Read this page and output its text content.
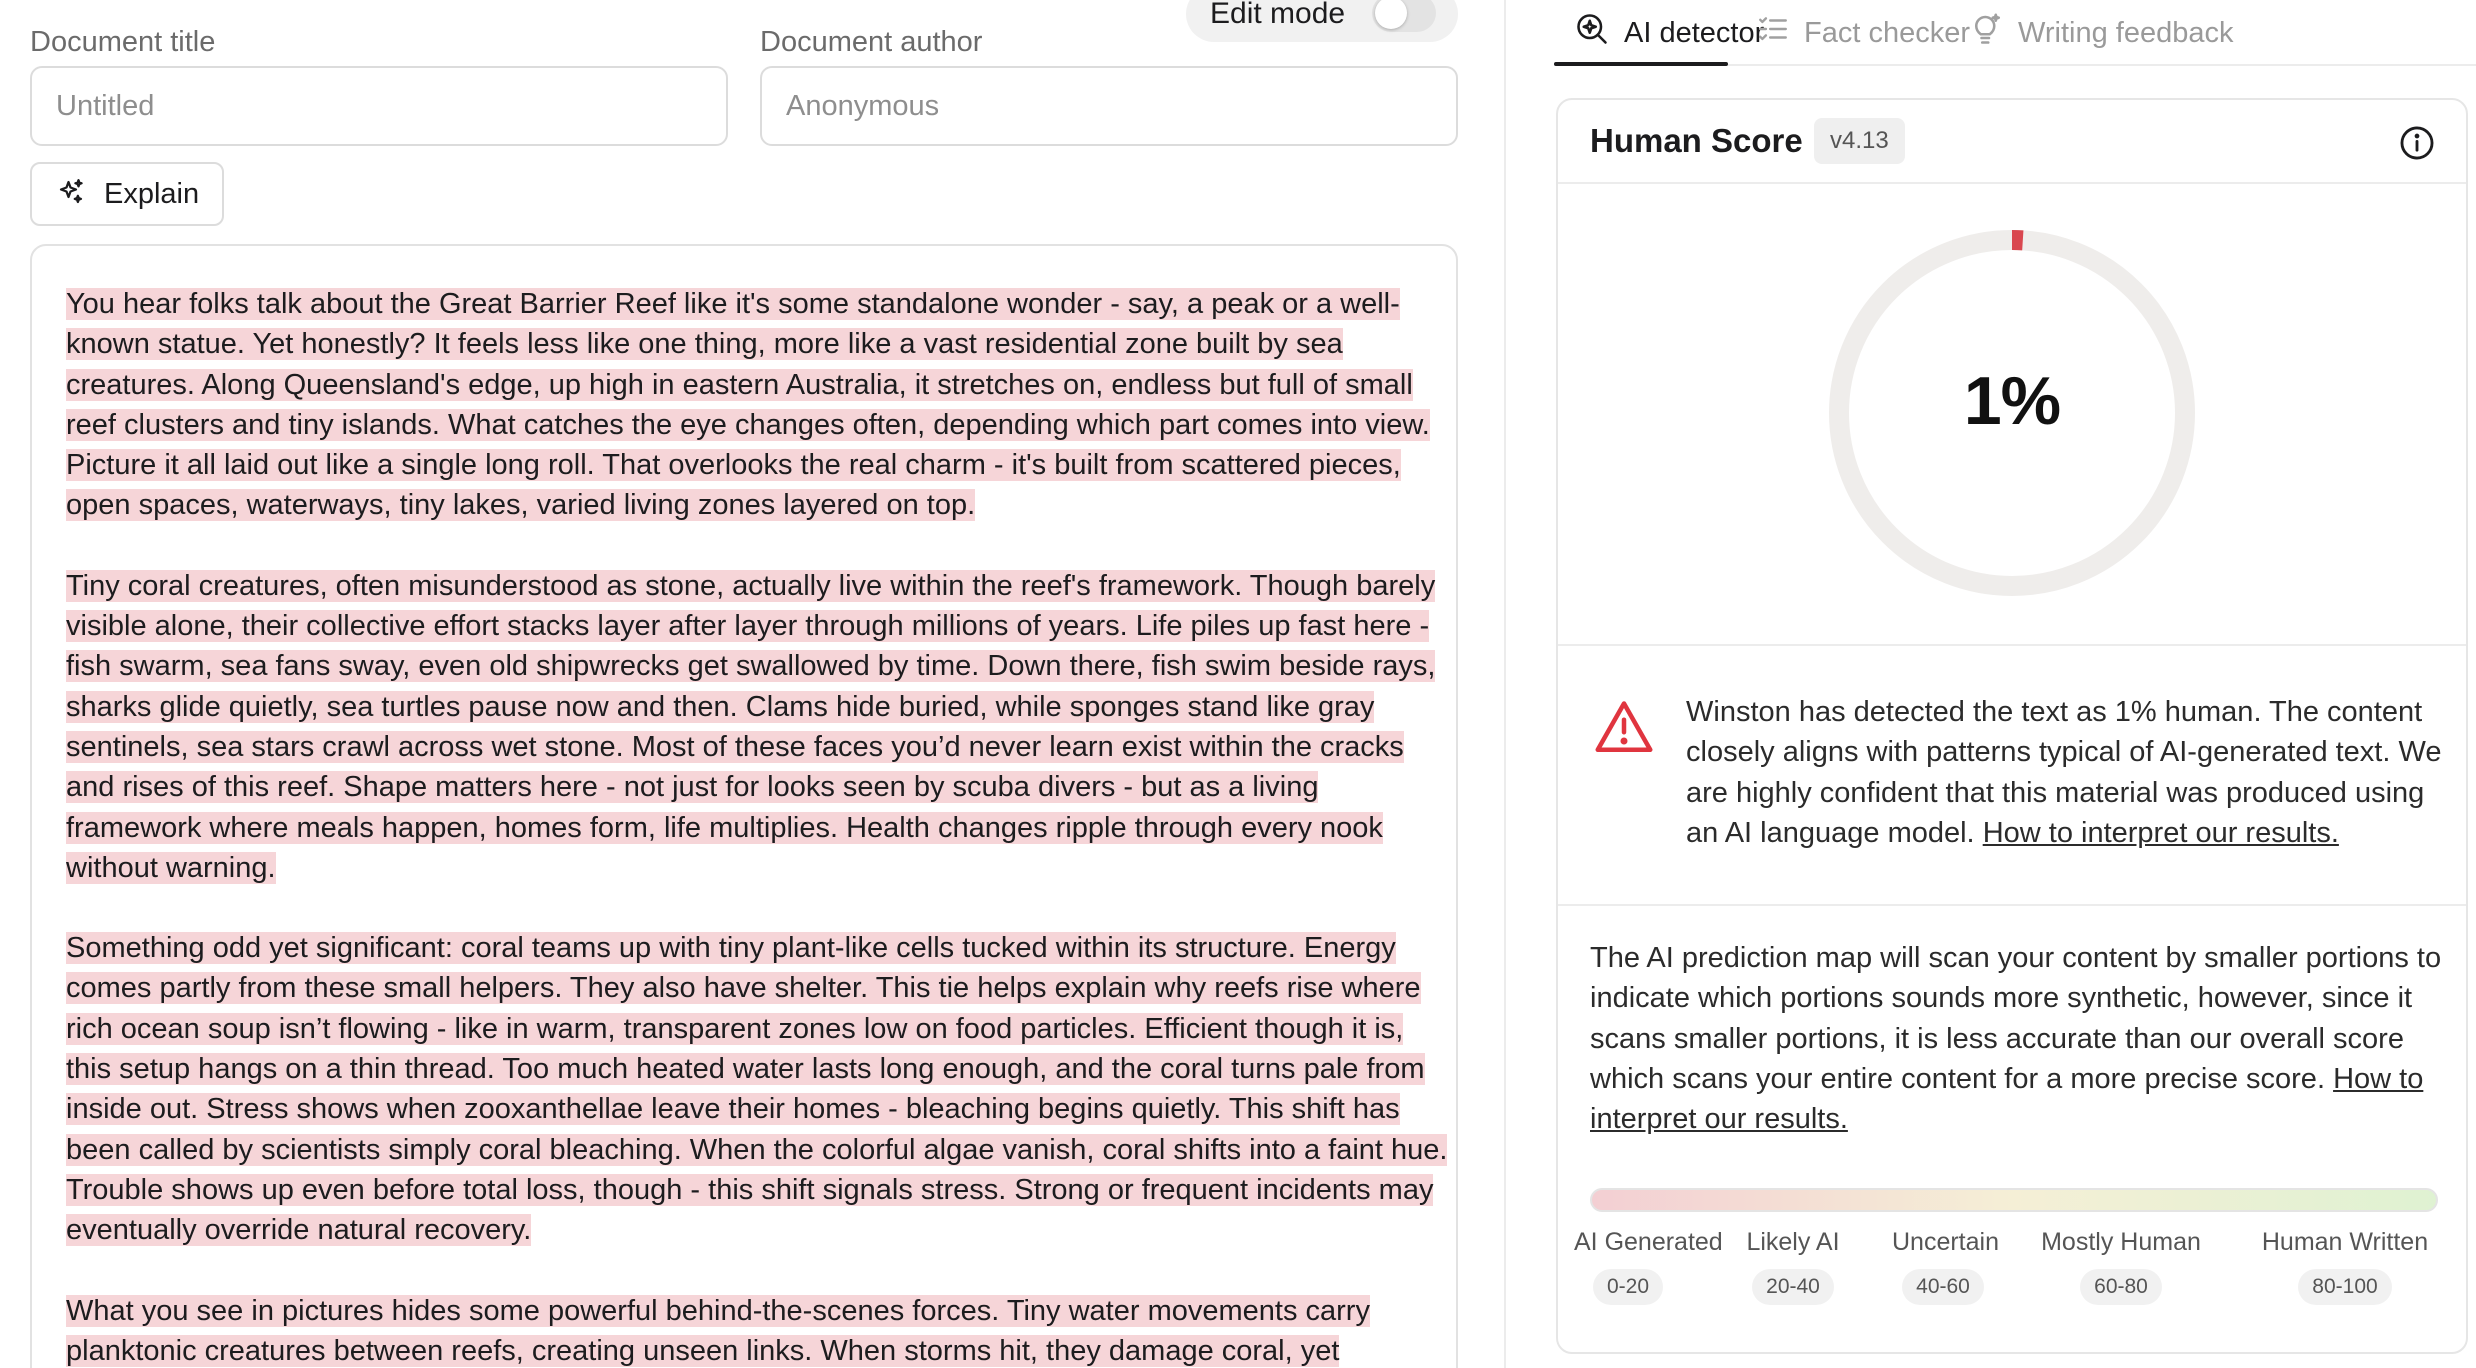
Document title
Untitled	Document author
Anonymous
Edit mode
Explain

You hear folks talk about the Great Barrier Reef like it's some standalone wonder - say, a peak or a well-known statue. Yet honestly? It feels less like one thing, more like a vast residential zone built by sea creatures. Along Queensland's edge, up high in eastern Australia, it stretches on, endless but full of small reef clusters and tiny islands. What catches the eye changes often, depending which part comes into view. Picture it all laid out like a single long roll. That overlooks the real charm - it's built from scattered pieces, open spaces, waterways, tiny lakes, varied living zones layered on top.

Tiny coral creatures, often misunderstood as stone, actually live within the reef's framework. Though barely visible alone, their collective effort stacks layer after layer through millions of years. Life piles up fast here - fish swarm, sea fans sway, even old shipwrecks get swallowed by time. Down there, fish swim beside rays, sharks glide quietly, sea turtles pause now and then. Clams hide buried, while sponges stand like gray sentinels, sea stars crawl across wet stone. Most of these faces you’d never learn exist within the cracks and rises of this reef. Shape matters here - not just for looks seen by scuba divers - but as a living framework where meals happen, homes form, life multiplies. Health changes ripple through every nook without warning.

Something odd yet significant: coral teams up with tiny plant-like cells tucked within its structure. Energy comes partly from these small helpers. They also have shelter. This tie helps explain why reefs rise where rich ocean soup isn’t flowing - like in warm, transparent zones low on food particles. Efficient though it is, this setup hangs on a thin thread. Too much heated water lasts long enough, and the coral turns pale from inside out. Stress shows when zooxanthellae leave their homes - bleaching begins quietly. This shift has been called by scientists simply coral bleaching. When the colorful algae vanish, coral shifts into a faint hue. Trouble shows up even before total loss, though - this shift signals stress. Strong or frequent incidents may eventually override natural recovery.

What you see in pictures hides some powerful behind-the-scenes forces. Tiny water movements carry planktonic creatures between reefs, creating unseen links. When storms hit, they damage coral, yet

AI detector Fact checker Writing feedback
Human Score	v4.13
1%
Winston has detected the text as 1% human. The content closely aligns with patterns typical of AI-generated text. We are highly confident that this material was produced using an AI language model. How to interpret our results.
The AI prediction map will scan your content by smaller portions to indicate which portions sounds more synthetic, however, since it scans smaller portions, it is less accurate than our overall score which scans your entire content for a more precise score. How to interpret our results.
AI Generated
0-20
Likely AI
20-40
Uncertain
40-60
Mostly Human
60-80
Human Written
80-100
